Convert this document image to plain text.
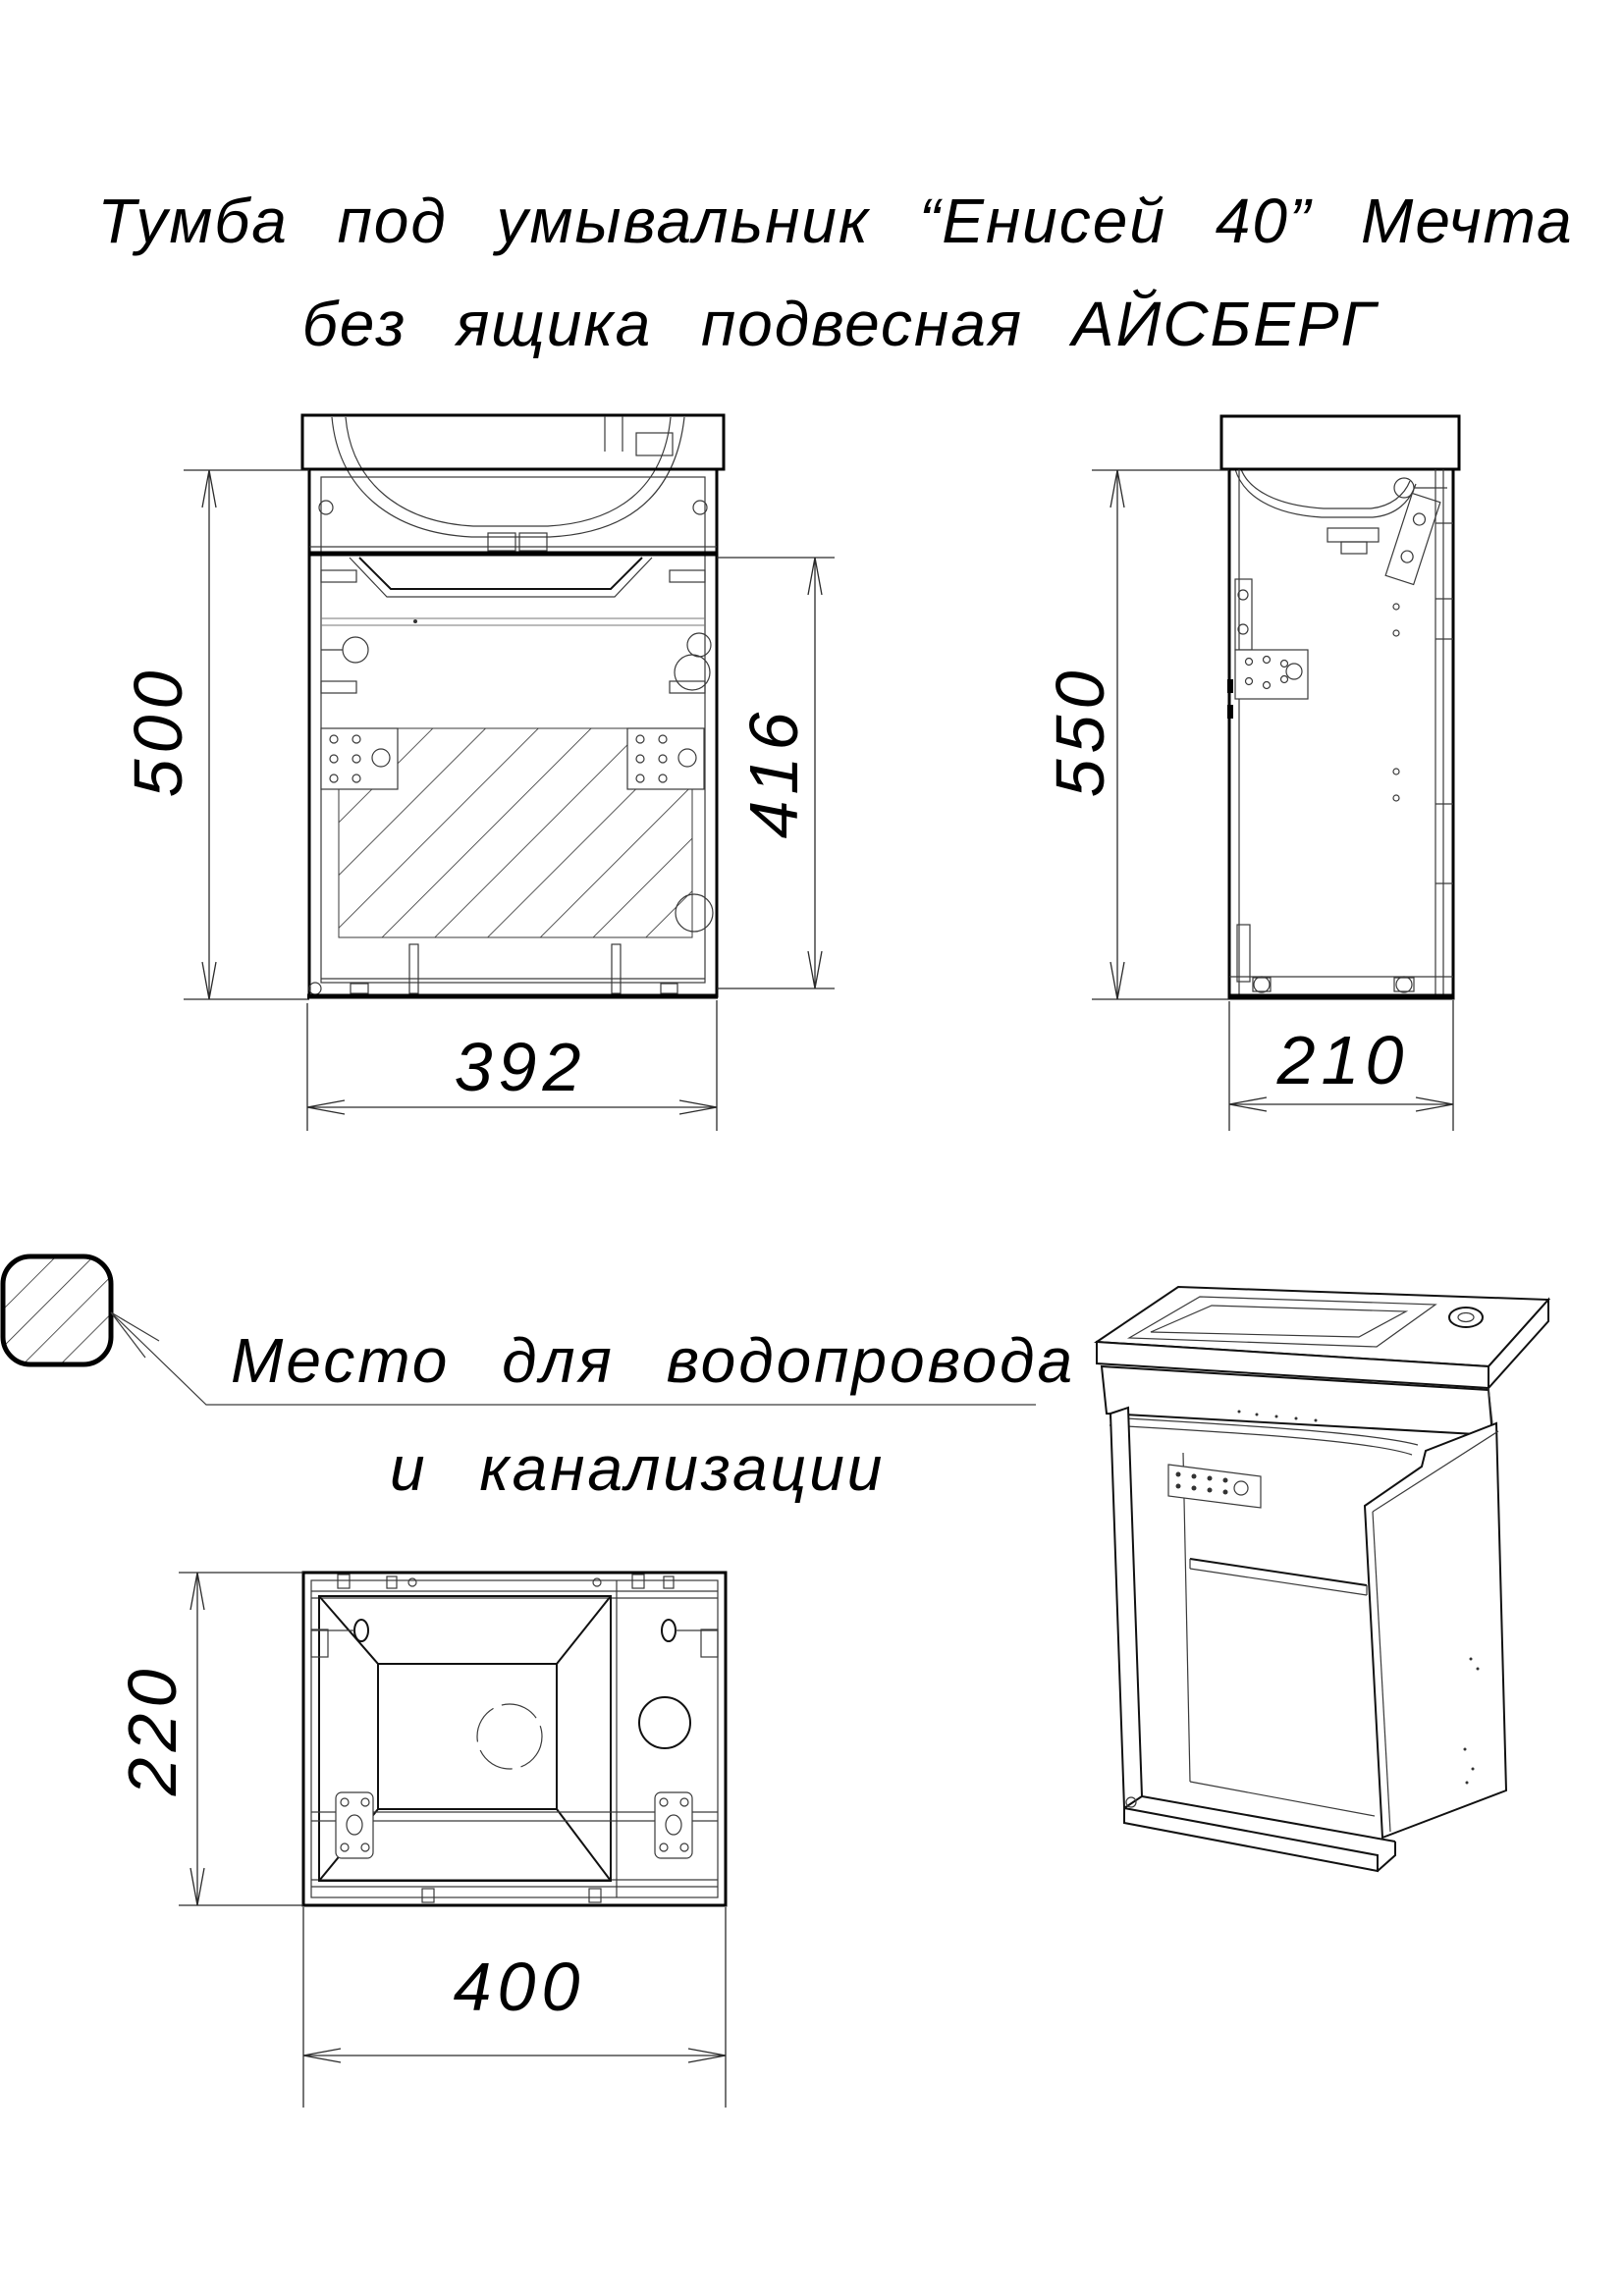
Тумба под умывальник “Енисей 40” Мечта
без ящика подвесная АЙСБЕРГ
500	416
392
550
210
Место для водопровода
и канализации
220
400
